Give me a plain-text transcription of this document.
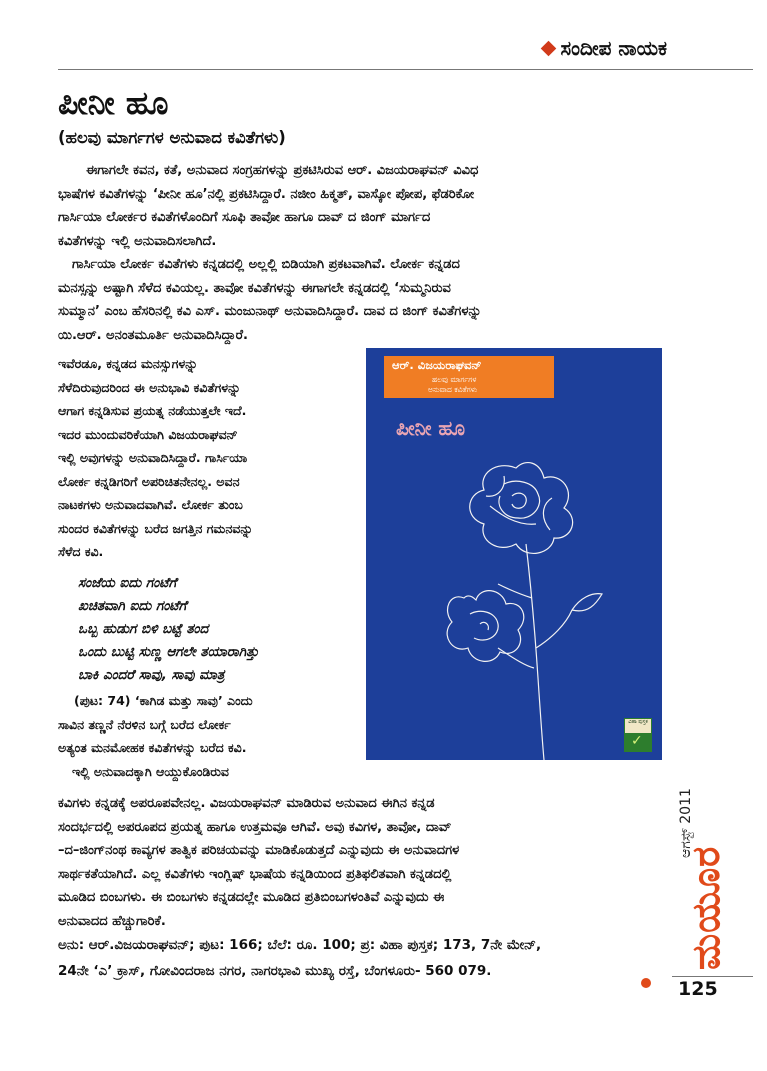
ಸಂದೀಪ ನಾಯಕ
ಪೀನೀ ಹೂ
(ಹಲವು ಮಾರ್ಗಗಳ ಅನುವಾದ ಕವಿತೆಗಳು)
ಈಗಾಗಲೇ ಕವನ, ಕತೆ, ಅನುವಾದ ಸಂಗ್ರಹಗಳನ್ನು ಪ್ರಕಟಿಸಿರುವ ಆರ್. ವಿಜಯರಾಘವನ್ ವಿವಿಧ
ಭಾಷೆಗಳ ಕವಿತೆಗಳನ್ನು ‘ಪೀನೀ ಹೂ’ನಲ್ಲಿ ಪ್ರಕಟಿಸಿದ್ದಾರೆ. ನಜೀಂ ಹಿಕ್ಮತ್, ವಾಸ್ಕೋ ಪೋಪ, ಫೆಡರಿಕೋ
ಗಾರ್ಸಿಯಾ ಲೋರ್ಕರ ಕವಿತೆಗಳೊಂದಿಗೆ ಸೂಫಿ ತಾವೋ ಹಾಗೂ ದಾವ್ ದ ಜಿಂಗ್ ಮಾರ್ಗದ
ಕವಿತೆಗಳನ್ನು ಇಲ್ಲಿ ಅನುವಾದಿಸಲಾಗಿದೆ.
ಗಾರ್ಸಿಯಾ ಲೋರ್ಕ ಕವಿತೆಗಳು ಕನ್ನಡದಲ್ಲಿ ಅಲ್ಲಲ್ಲಿ ಬಿಡಿಯಾಗಿ ಪ್ರಕಟವಾಗಿವೆ. ಲೋರ್ಕ ಕನ್ನಡದ
ಮನಸ್ಸನ್ನು ಅಷ್ಟಾಗಿ ಸೆಳೆದ ಕವಿಯಲ್ಲ. ತಾವೋ ಕವಿತೆಗಳನ್ನು ಈಗಾಗಲೇ ಕನ್ನಡದಲ್ಲಿ ‘ಸುಮ್ಮನಿರುವ
ಸುಮ್ಮಾನ’ ಎಂಬ ಹೆಸರಿನಲ್ಲಿ ಕವಿ ಎಸ್. ಮಂಜುನಾಥ್ ಅನುವಾದಿಸಿದ್ದಾರೆ. ದಾವ ದ ಜಿಂಗ್ ಕವಿತೆಗಳನ್ನು
ಯಿ.ಆರ್. ಅನಂತಮೂರ್ತಿ ಅನುವಾದಿಸಿದ್ದಾರೆ.
ಇವೆರಡೂ, ಕನ್ನಡದ ಮನಸ್ಸುಗಳನ್ನು
ಸೆಳೆದಿರುವುದರಿಂದ ಈ ಅನುಭಾವಿ ಕವಿತೆಗಳನ್ನು
ಆಗಾಗ ಕನ್ನಡಿಸುವ ಪ್ರಯತ್ನ ನಡೆಯುತ್ತಲೇ ಇದೆ.
ಇದರ ಮುಂದುವರಿಕೆಯಾಗಿ ವಿಜಯರಾಘವನ್
ಇಲ್ಲಿ ಅವುಗಳನ್ನು ಅನುವಾದಿಸಿದ್ದಾರೆ. ಗಾರ್ಸಿಯಾ
ಲೋರ್ಕ ಕನ್ನಡಿಗರಿಗೆ ಅಪರಿಚಿತನೇನಲ್ಲ. ಅವನ
ನಾಟಕಗಳು ಅನುವಾದವಾಗಿವೆ. ಲೋರ್ಕ ತುಂಬ
ಸುಂದರ ಕವಿತೆಗಳನ್ನು ಬರೆದ ಜಗತ್ತಿನ ಗಮನವನ್ನು
ಸೆಳೆದ ಕವಿ.
ಸಂಜೆಯ ಐದು ಗಂಟೆಗೆ
ಖಚಿತವಾಗಿ ಐದು ಗಂಟೆಗೆ
ಒಬ್ಬ ಹುಡುಗ ಬಿಳಿ ಬಟ್ಟೆ ತಂದ
ಒಂದು ಬುಟ್ಟಿ ಸುಣ್ಣ ಆಗಲೇ ತಯಾರಾಗಿತ್ತು
ಬಾಕಿ ಎಂದರೆ ಸಾವು, ಸಾವು ಮಾತ್ರ
(ಪುಟ: 74) ‘ಕಾಗಿಡ ಮತ್ತು ಸಾವು’ ಎಂದು
ಸಾವಿನ ತಣ್ಣನೆ ನೆರಳಿನ ಬಗ್ಗೆ ಬರೆದ ಲೋರ್ಕ
ಅತ್ಯಂತ ಮನಮೋಹಕ ಕವಿತೆಗಳನ್ನು ಬರೆದ ಕವಿ.
ಇಲ್ಲಿ ಅನುವಾದಕ್ಕಾಗಿ ಆಯ್ದುಕೊಂಡಿರುವ
ಕವಿಗಳು ಕನ್ನಡಕ್ಕೆ ಅಪರೂಪವೇನಲ್ಲ. ವಿಜಯರಾಘವನ್ ಮಾಡಿರುವ ಅನುವಾದ ಈಗಿನ ಕನ್ನಡ
ಸಂದರ್ಭದಲ್ಲಿ ಅಪರೂಪದ ಪ್ರಯತ್ನ ಹಾಗೂ ಉತ್ತಮವೂ ಆಗಿವೆ. ಅವು ಕವಿಗಳ, ತಾವೋ, ದಾವ್
–ದ–ಜಿಂಗ್‌ನಂಥ ಕಾವ್ಯಗಳ ತಾತ್ವಿಕ ಪರಿಚಯವನ್ನು ಮಾಡಿಕೊಡುತ್ತದೆ ಎನ್ನುವುದು ಈ ಅನುವಾದಗಳ
ಸಾರ್ಥಕತೆಯಾಗಿದೆ. ಎಲ್ಲ ಕವಿತೆಗಳು ಇಂಗ್ಲಿಷ್ ಭಾಷೆಯ ಕನ್ನಡಿಯಿಂದ ಪ್ರತಿಫಲಿತವಾಗಿ ಕನ್ನಡದಲ್ಲಿ
ಮೂಡಿದ ಬಿಂಬಗಳು. ಈ ಬಿಂಬಗಳು ಕನ್ನಡದಲ್ಲೇ ಮೂಡಿದ ಪ್ರತಿಬಿಂಬಗಳಂತಿವೆ ಎನ್ನುವುದು ಈ
ಅನುವಾದದ ಹೆಚ್ಚುಗಾರಿಕೆ.
ಅನು: ಆರ್.ವಿಜಯರಾಘವನ್; ಪುಟ: 166; ಬೆಲೆ: ರೂ. 100; ಪ್ರ: ವಿಹಾ ಪುಸ್ತಕ; 173, 7ನೇ ಮೇನ್,
24ನೇ ‘ಎ’ ಕ್ರಾಸ್, ಗೋವಿಂದರಾಜ ನಗರ, ನಾಗರಭಾವಿ ಮುಖ್ಯ ರಸ್ತೆ, ಬೆಂಗಳೂರು- 560 079.
ಆರ್. ವಿಜಯರಾಘವನ್
ಹಲವು ಮಾರ್ಗಗಳ
ಅನುವಾದ ಕವಿತೆಗಳು
ಪೀನೀ ಹೂ
ವಿಹಾ ಪುಸ್ತಕ
✓
ಆಗಸ್ಟ್ 2011
ಮಯೂರ
125
